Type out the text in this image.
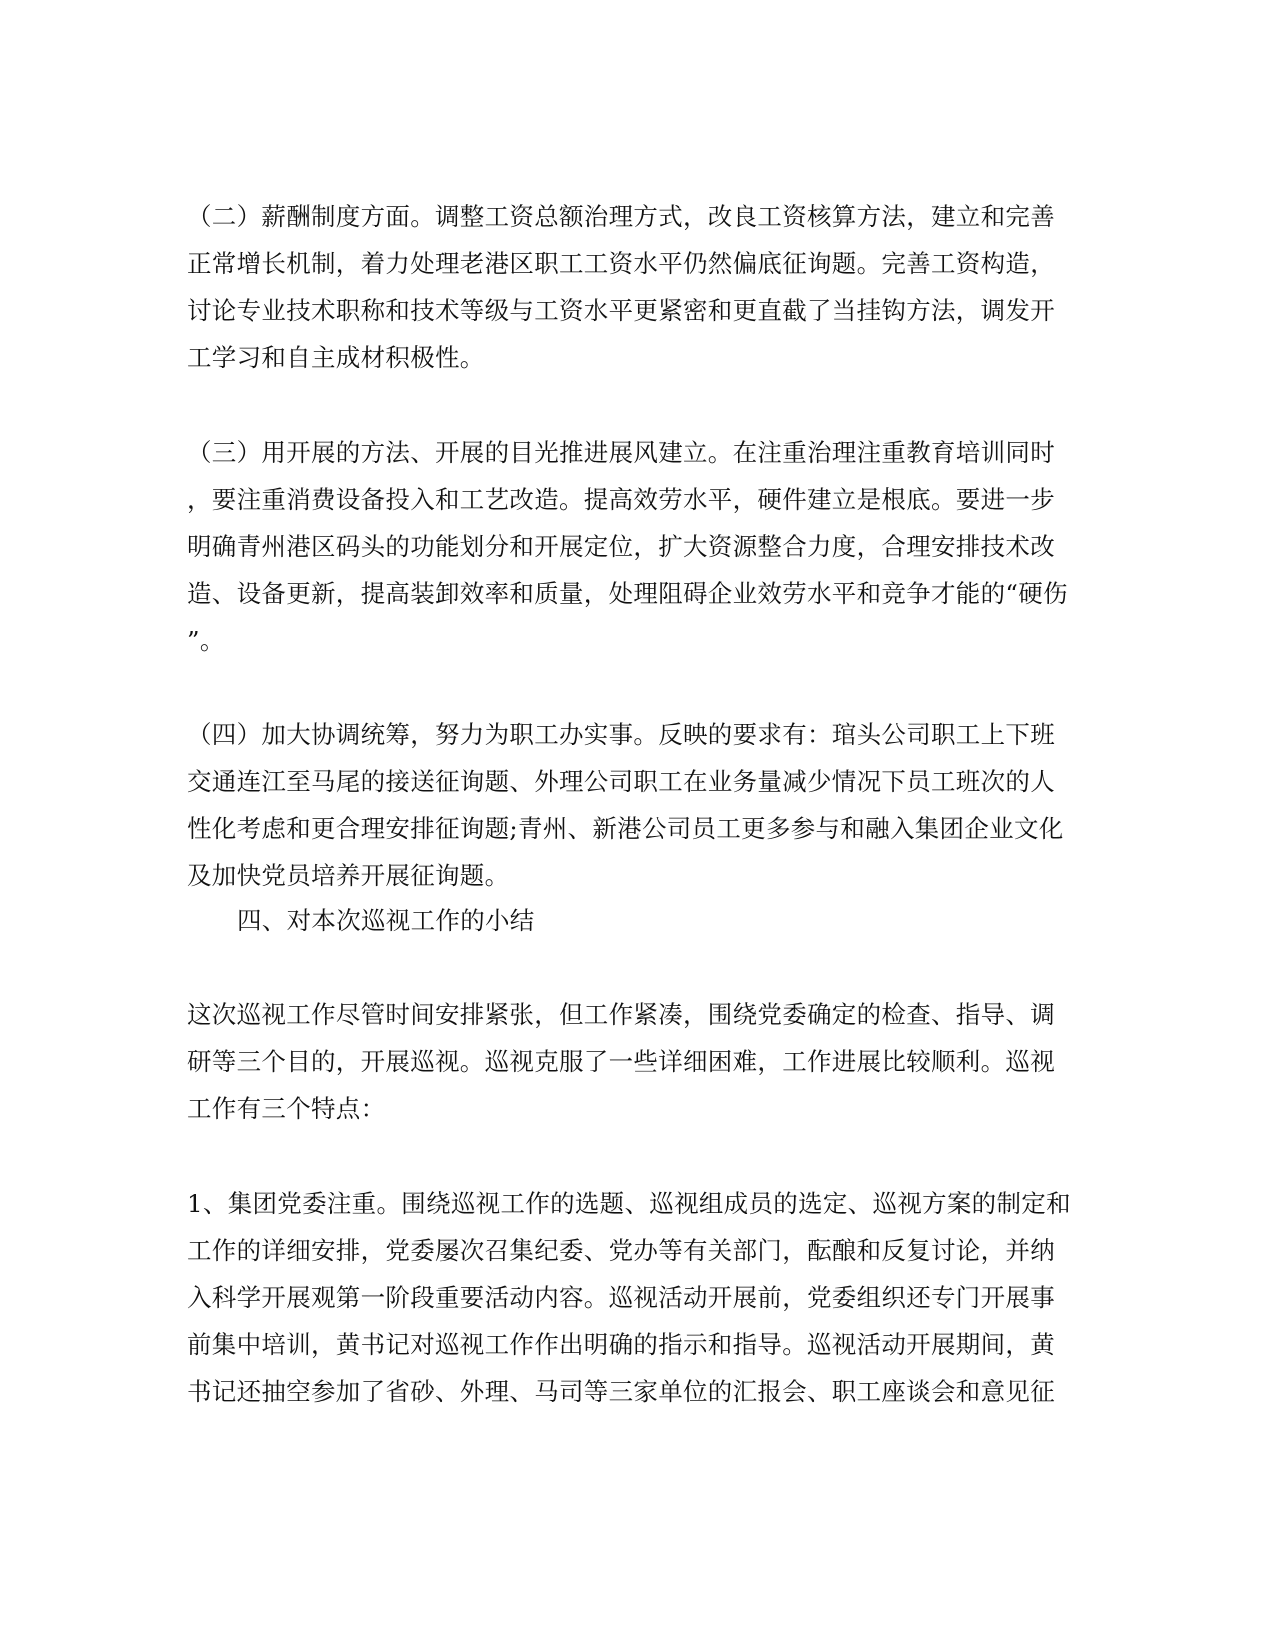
（二）薪酬制度方面。调整工资总额治理方式，改良工资核算方法，建立和完善
正常增长机制，着力处理老港区职工工资水平仍然偏底征询题。完善工资构造，
讨论专业技术职称和技术等级与工资水平更紧密和更直截了当挂钩方法，调发开
工学习和自主成材积极性。
（三）用开展的方法、开展的目光推进展风建立。在注重治理注重教育培训同时
，要注重消费设备投入和工艺改造。提高效劳水平，硬件建立是根底。要进一步
明确青州港区码头的功能划分和开展定位，扩大资源整合力度，合理安排技术改
造、设备更新，提高装卸效率和质量，处理阻碍企业效劳水平和竞争才能的“硬伤
”。
（四）加大协调统筹，努力为职工办实事。反映的要求有：琯头公司职工上下班
交通连江至马尾的接送征询题、外理公司职工在业务量减少情况下员工班次的人
性化考虑和更合理安排征询题;青州、新港公司员工更多参与和融入集团企业文化
及加快党员培养开展征询题。
四、对本次巡视工作的小结
这次巡视工作尽管时间安排紧张，但工作紧凑，围绕党委确定的检查、指导、调
研等三个目的，开展巡视。巡视克服了一些详细困难，工作进展比较顺利。巡视
工作有三个特点：
1、集团党委注重。围绕巡视工作的选题、巡视组成员的选定、巡视方案的制定和
工作的详细安排，党委屡次召集纪委、党办等有关部门，酝酿和反复讨论，并纳
入科学开展观第一阶段重要活动内容。巡视活动开展前，党委组织还专门开展事
前集中培训，黄书记对巡视工作作出明确的指示和指导。巡视活动开展期间，黄
书记还抽空参加了省砂、外理、马司等三家单位的汇报会、职工座谈会和意见征
